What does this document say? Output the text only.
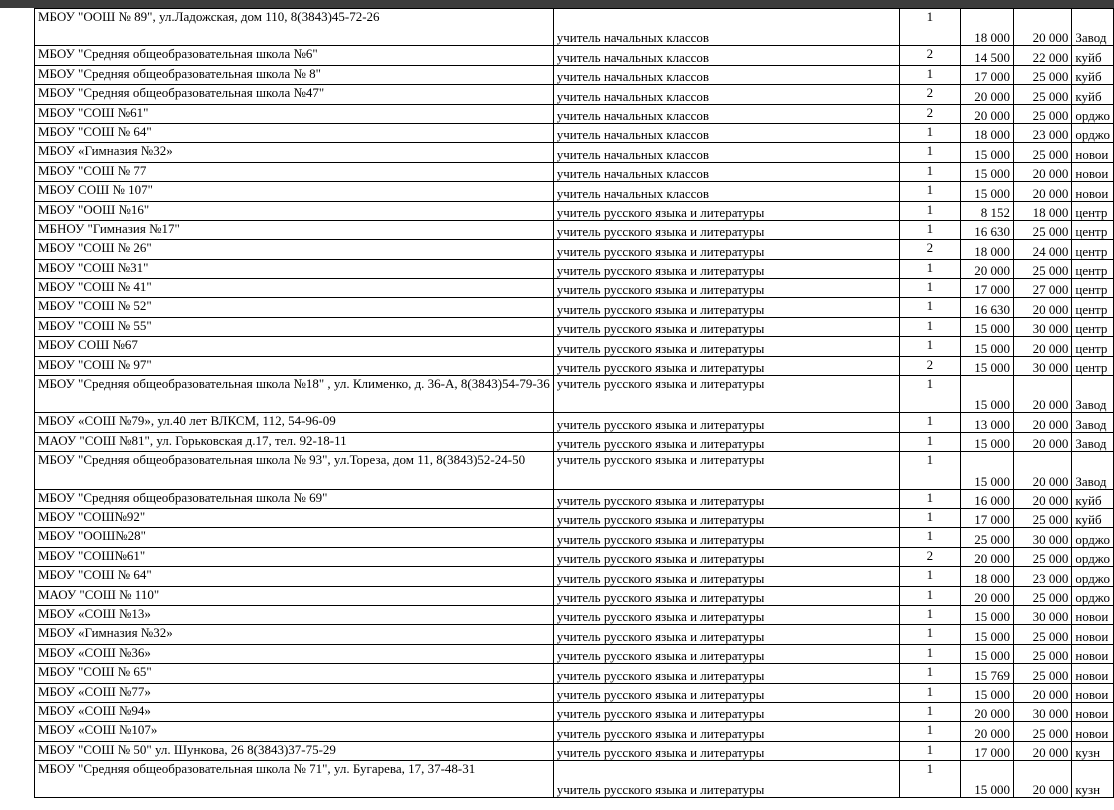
МБОУ "ООШ № 89", ул.Ладожская, дом 110, 8(3843)45-72-26	учитель начальных классов	1	18 000	20 000	Завод
МБОУ "Средняя общеобразовательная школа №6"	учитель начальных классов	2	14 500	22 000	куйб
МБОУ "Средняя общеобразовательная школа № 8"	учитель начальных классов	1	17 000	25 000	куйб
МБОУ "Средняя общеобразовательная школа №47"	учитель начальных классов	2	20 000	25 000	куйб
МБОУ "СОШ №61"	учитель начальных классов	2	20 000	25 000	орджо
МБОУ "СОШ № 64"	учитель начальных классов	1	18 000	23 000	орджо
МБОУ «Гимназия №32»	учитель начальных классов	1	15 000	25 000	новои
МБОУ "СОШ № 77	учитель начальных классов	1	15 000	20 000	новои
МБОУ СОШ № 107"	учитель начальных классов	1	15 000	20 000	новои
МБОУ "ООШ №16"	учитель русского языка и литературы	1	8 152	18 000	центр
МБНОУ "Гимназия №17"	учитель русского языка и литературы	1	16 630	25 000	центр
МБОУ "СОШ № 26"	учитель русского языка и литературы	2	18 000	24 000	центр
МБОУ "СОШ №31"	учитель русского языка и литературы	1	20 000	25 000	центр
МБОУ "СОШ № 41"	учитель русского языка и литературы	1	17 000	27 000	центр
МБОУ "СОШ № 52"	учитель русского языка и литературы	1	16 630	20 000	центр
МБОУ "СОШ № 55"	учитель русского языка и литературы	1	15 000	30 000	центр
МБОУ СОШ №67	учитель русского языка и литературы	1	15 000	20 000	центр
МБОУ "СОШ № 97"	учитель русского языка и литературы	2	15 000	30 000	центр
МБОУ "Средняя общеобразовательная школа №18" , ул. Клименко, д. 36-А, 8(3843)54-79-36	учитель русского языка и литературы	1	15 000	20 000	Завод
МБОУ «СОШ №79», ул.40 лет ВЛКСМ, 112, 54-96-09	учитель русского языка и литературы	1	13 000	20 000	Завод
МАОУ "СОШ №81", ул. Горьковская д.17, тел. 92-18-11	учитель русского языка и литературы	1	15 000	20 000	Завод
МБОУ "Средняя общеобразовательная школа № 93", ул.Тореза, дом 11, 8(3843)52-24-50	учитель русского языка и литературы	1	15 000	20 000	Завод
МБОУ "Средняя общеобразовательная школа № 69"	учитель русского языка и литературы	1	16 000	20 000	куйб
МБОУ "СОШ№92"	учитель русского языка и литературы	1	17 000	25 000	куйб
МБОУ "ООШ№28"	учитель русского языка и литературы	1	25 000	30 000	орджо
МБОУ "СОШ№61"	учитель русского языка и литературы	2	20 000	25 000	орджо
МБОУ "СОШ № 64"	учитель русского языка и литературы	1	18 000	23 000	орджо
МАОУ "СОШ № 110"	учитель русского языка и литературы	1	20 000	25 000	орджо
МБОУ «СОШ №13»	учитель русского языка и литературы	1	15 000	30 000	новои
МБОУ «Гимназия №32»	учитель русского языка и литературы	1	15 000	25 000	новои
МБОУ «СОШ №36»	учитель русского языка и литературы	1	15 000	25 000	новои
МБОУ "СОШ № 65"	учитель русского языка и литературы	1	15 769	25 000	новои
МБОУ «СОШ №77»	учитель русского языка и литературы	1	15 000	20 000	новои
МБОУ «СОШ №94»	учитель русского языка и литературы	1	20 000	30 000	новои
МБОУ «СОШ №107»	учитель русского языка и литературы	1	20 000	25 000	новои
МБОУ "СОШ № 50" ул. Шункова, 26 8(3843)37-75-29	учитель русского языка и литературы	1	17 000	20 000	кузн
МБОУ "Средняя общеобразовательная школа № 71", ул. Бугарева, 17, 37-48-31	учитель русского языка и литературы	1	15 000	20 000	кузн
